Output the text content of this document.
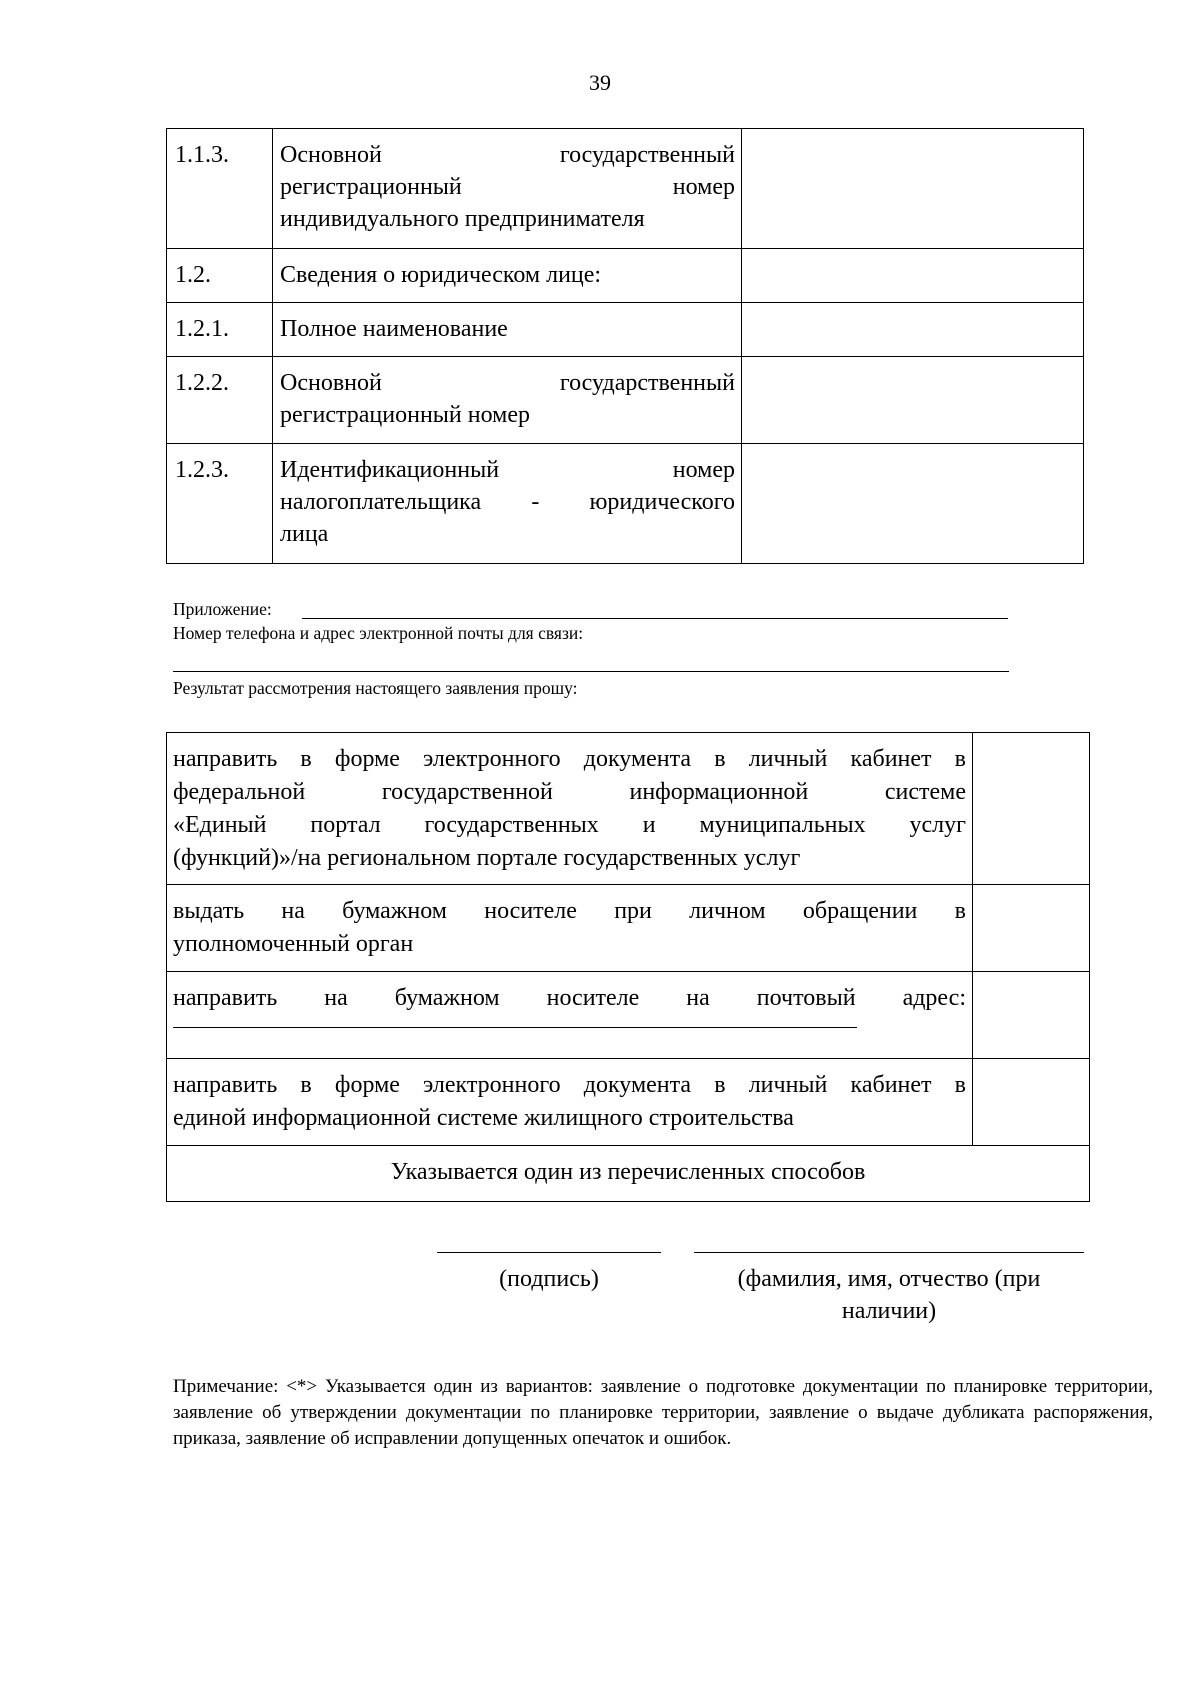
39
1.1.3.	Основной государственный
регистрационный номер
индивидуального предпринимателя	

1.2.	Сведения о юридическом лице:	

1.2.1.	Полное наименование	

1.2.2.	Основной государственный
регистрационный номер	

1.2.3.	Идентификационный номер
налогоплательщика - юридического
лица	

Приложение:
Номер телефона и адрес электронной почты для связи:
Результат рассмотрения настоящего заявления прошу:
направить в форме электронного документа в личный кабинет в
федеральной государственной информационной системе
«Единый портал государственных и муниципальных услуг
(функций)»/на региональном портале государственных услуг	

выдать на бумажном носителе при личном обращении в
уполномоченный орган	

направить на бумажном носителе на почтовый адрес:	

направить в форме электронного документа в личный кабинет в
единой информационной системе жилищного строительства	

Указывается один из перечисленных способов	
(подпись)	(фамилия, имя, отчество (при
наличии)
Примечание: <*> Указывается один из вариантов: заявление о подготовке документации по планировке территории, заявление об утверждении документации по планировке территории, заявление о выдаче дубликата распоряжения, приказа, заявление об исправлении допущенных опечаток и ошибок.
